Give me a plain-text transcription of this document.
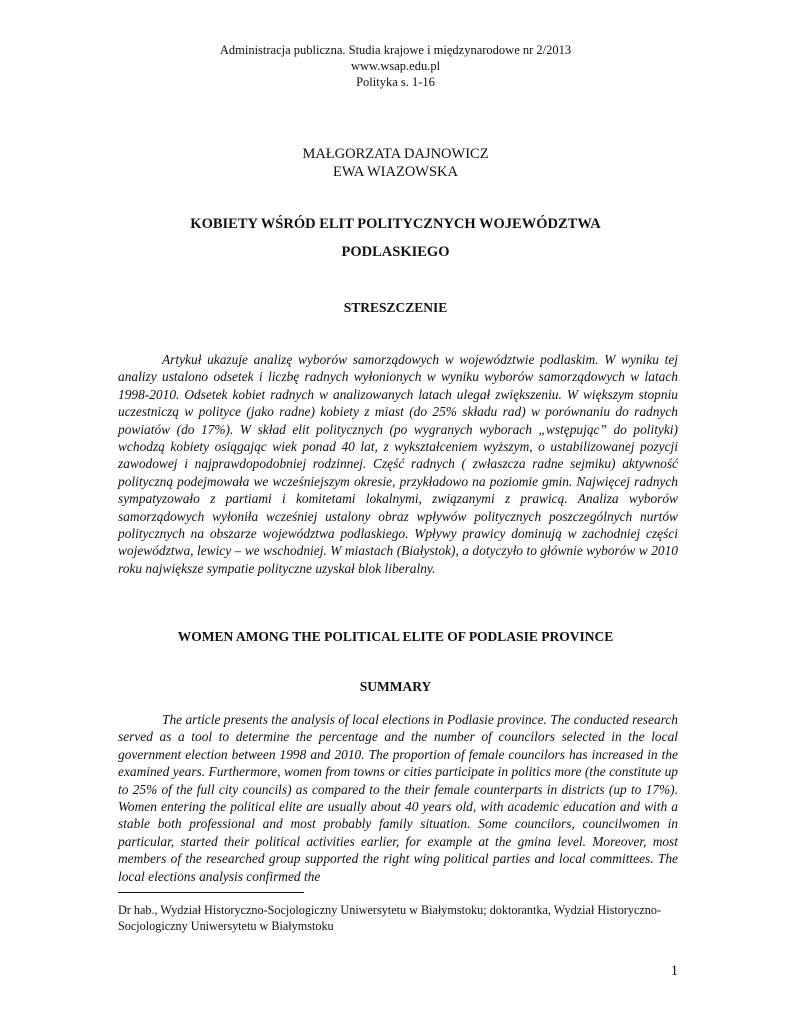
Administracja publiczna. Studia krajowe i międzynarodowe nr 2/2013
www.wsap.edu.pl
Polityka s. 1-16
MAŁGORZATA DAJNOWICZ
EWA WIAZOWSKA
KOBIETY WŚRÓD ELIT POLITYCZNYCH WOJEWÓDZTWA
PODLASKIEGO
STRESZCZENIE

Artykuł ukazuje analizę wyborów samorządowych w województwie podlaskim. W wyniku tej analizy ustalono odsetek i liczbę radnych wyłonionych w wyniku wyborów samorządowych w latach 1998-2010. Odsetek kobiet radnych w analizowanych latach ulegał zwiększeniu. W większym stopniu uczestniczą w polityce (jako radne) kobiety z miast (do 25% składu rad) w porównaniu do radnych powiatów (do 17%). W skład elit politycznych (po wygranych wyborach „wstępując” do polityki) wchodzą kobiety osiągając wiek ponad 40 lat, z wykształceniem wyższym, o ustabilizowanej pozycji zawodowej i najprawdopodobniej rodzinnej. Część radnych ( zwłaszcza radne sejmiku) aktywność polityczną podejmowała we wcześniejszym okresie, przykładowo na poziomie gmin. Najwięcej radnych sympatyzowało z partiami i komitetami lokalnymi, związanymi z prawicą. Analiza wyborów samorządowych wyłoniła wcześniej ustalony obraz wpływów politycznych poszczególnych nurtów politycznych na obszarze województwa podlaskiego. Wpływy prawicy dominują w zachodniej części województwa, lewicy – we wschodniej. W miastach (Białystok), a dotyczyło to głównie wyborów w 2010 roku największe sympatie polityczne uzyskał blok liberalny.

WOMEN AMONG THE POLITICAL ELITE OF PODLASIE PROVINCE
SUMMARY

The article presents the analysis of local elections in Podlasie province. The conducted research served as a tool to determine the percentage and the number of councilors selected in the local government election between 1998 and 2010. The proportion of female councilors has increased in the examined years. Furthermore, women from towns or cities participate in politics more (the constitute up to 25% of the full city councils) as compared to the their female counterparts in districts (up to 17%). Women entering the political elite are usually about 40 years old, with academic education and with a stable both professional and most probably family situation. Some councilors, councilwomen in particular, started their political activities earlier, for example at the gmina level. Moreover, most members of the researched group supported the right wing political parties and local committees. The local elections analysis confirmed the

Dr hab., Wydział Historyczno-Socjologiczny Uniwersytetu w Białymstoku; doktorantka, Wydział Historyczno-Socjologiczny Uniwersytetu w Białymstoku

1
